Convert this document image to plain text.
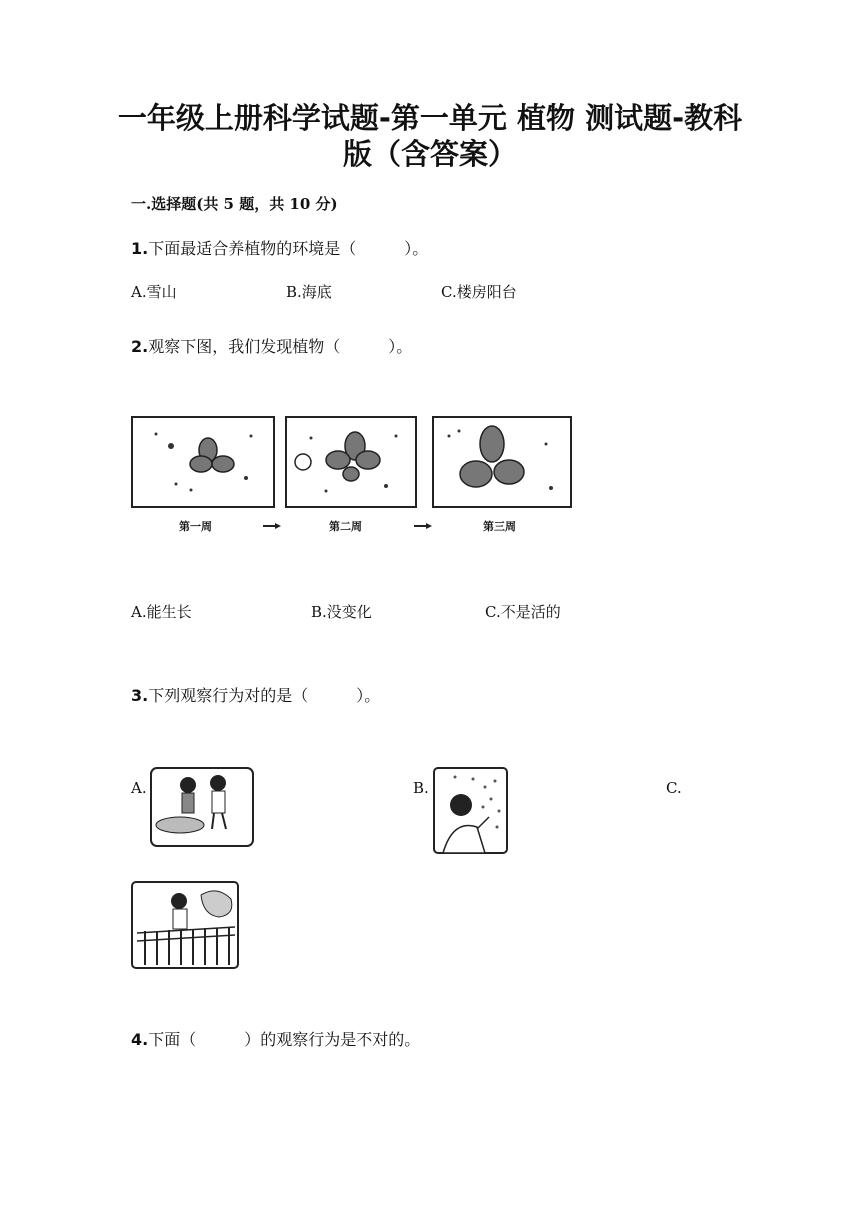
一年级上册科学试题-第一单元 植物 测试题-教科
版（含答案）
一.选择题(共 5 题，共 10 分)
1.下面最适合养植物的环境是（　　　）。
A.雪山	B.海底	C.楼房阳台
2.观察下图，我们发现植物（　　　）。
第一周	第二周	第三周
A.能生长	B.没变化	C.不是活的
3.下列观察行为对的是（　　　）。
A.	B.	C.
4.下面（　　　）的观察行为是不对的。
